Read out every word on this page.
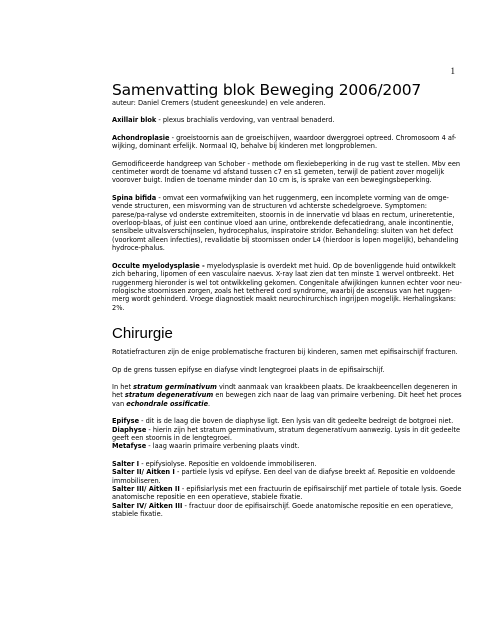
1
Samenvatting blok Beweging 2006/2007

auteur: Daniel Cremers (student geneeskunde) en vele anderen.

Axillair blok - plexus brachialis verdoving, van ventraal benaderd.

Achondroplasie - groeistoornis aan de groeischijven, waardoor dwerggroei optreed. Chromosoom 4 af-wijking, dominant erfelijk. Normaal IQ, behalve bij kinderen met longproblemen.

Gemodificeerde handgreep van Schober - methode om flexiebeperking in de rug vast te stellen. Mbv een centimeter wordt de toename vd afstand tussen c7 en s1 gemeten, terwijl de patient zover mogelijk voorover buigt. Indien de toename minder dan 10 cm is, is sprake van een bewegingsbeperking.

Spina bifida - omvat een vormafwijking van het ruggenmerg, een incomplete vorming van de omge-vende structuren, een misvorming van de structuren vd achterste schedelgroeve. Symptomen: parese/pa-ralyse vd onderste extremiteiten, stoornis in de innervatie vd blaas en rectum, urineretentie, overloop-blaas, of juist een continue vloed aan urine, ontbrekende defecatiedrang, anale incontinentie, sensibele uitvalsverschijnselen, hydrocephalus, inspiratoire stridor. Behandeling: sluiten van het defect (voorkomt alleen infecties), revalidatie bij stoornissen onder L4 (hierdoor is lopen mogelijk), behandeling hydroce-phalus.

Occulte myelodysplasie - myelodysplasie is overdekt met huid. Op de bovenliggende huid ontwikkelt zich beharing, lipomen of een vasculaire naevus. X-ray laat zien dat ten minste 1 wervel ontbreekt. Het ruggenmerg hieronder is wel tot ontwikkeling gekomen. Congenitale afwijkingen kunnen echter voor neu-rologische stoornissen zorgen, zoals het tethered cord syndrome, waarbij de ascensus van het ruggen-merg wordt gehinderd. Vroege diagnostiek maakt neurochirurchisch ingrijpen mogelijk. Herhalingskans: 2%.

Chirurgie

Rotatiefracturen zijn de enige problematische fracturen bij kinderen, samen met epifisairschijf fracturen.

Op de grens tussen epifyse en diafyse vindt lengtegroei plaats in de epifisairschijf.

In het stratum germinativum vindt aanmaak van kraakbeen plaats. De kraakbeencellen degeneren in het stratum degeneratívum en bewegen zich naar de laag van primaire verbening. Dit heet het proces van echondrale ossificatie.

Epifyse - dit is de laag die boven de diaphyse ligt. Een lysis van dit gedeelte bedreigt de botgroei niet.

Diaphyse - hierin zijn het stratum germinativum, stratum degeneratívum aanwezig. Lysis in dit gedeelte geeft een stoornis in de lengtegroei.

Metafyse - laag waarin primaire verbening plaats vindt.

Salter I - epifysiolyse. Repositie en voldoende immobiliseren.

Salter II/ Aitken I - partiele lysis vd epifyse. Een deel van de diafyse breekt af. Repositie en voldoende immobiliseren.

Salter III/ Aitken II - epifisiarlysis met een fractuurin de epifisairschijf met partiele of totale lysis. Goede anatomische repositie en een operatieve, stabiele fixatie.

Salter IV/ Aitken III - fractuur door de epifisairschijf. Goede anatomische repositie en een operatieve, stabiele fixatie.
